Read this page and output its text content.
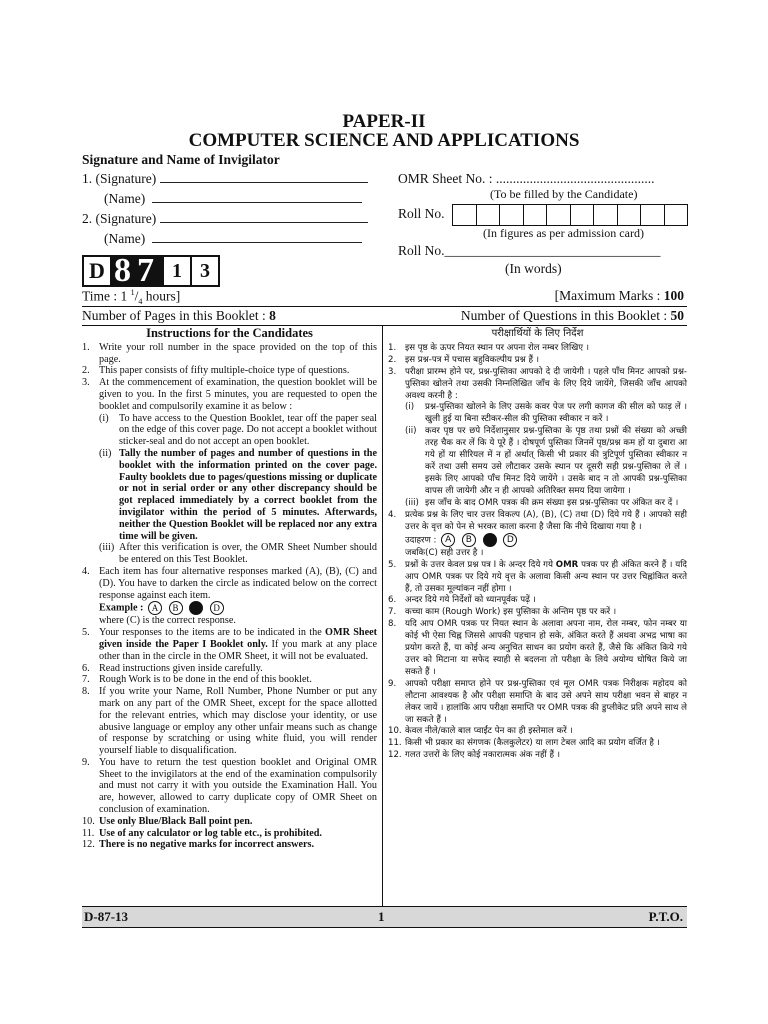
PAPER-II
COMPUTER SCIENCE AND APPLICATIONS
Signature and Name of Invigilator
1. (Signature)
(Name)
2. (Signature)
(Name)
OMR Sheet No. : ...............................................
(To be filled by the Candidate)
Roll No.
(In figures as per admission card)
Roll No.________________________________
(In words)
D 8 7 1 3
Time : 1 $^1/_4$ hours]	[Maximum Marks : 100
Number of Pages in this Booklet : 8	Number of Questions in this Booklet : 50

Instructions for the Candidates

1. Write your roll number in the space provided on the top of this page.
2. This paper consists of fifty multiple-choice type of questions.
3. At the commencement of examination, the question booklet will be given to you. In the first 5 minutes, you are requested to open the booklet and compulsorily examine it as below :
(i)	To have access to the Question Booklet, tear off the paper seal on the edge of this cover page. Do not accept a booklet without sticker-seal and do not accept an open booklet.
(ii) Tally the number of pages and number of questions in the booklet with the information printed on the cover page. Faulty booklets due to pages/questions missing or duplicate or not in serial order or any other discrepancy should be got replaced immediately by a correct booklet from the invigilator within the period of 5 minutes. Afterwards, neither the Question Booklet will be replaced nor any extra time will be given.
(iii) After this verification is over, the OMR Sheet Number should be entered on this Test Booklet.
4. Each item has four alternative responses marked (A), (B), (C) and (D). You have to darken the circle as indicated below on the correct response against each item.
Example : A B	D
where (C) is the correct response.
5. Your responses to the items are to be indicated in the OMR Sheet given inside the Paper I Booklet only. If you mark at any place other than in the circle in the OMR Sheet, it will not be evaluated.
6. Read instructions given inside carefully.
7. Rough Work is to be done in the end of this booklet.
8. If you write your Name, Roll Number, Phone Number or put any mark on any part of the OMR Sheet, except for the space allotted for the relevant entries, which may disclose your identity, or use abusive language or employ any other unfair means such as change of response by scratching or using white fluid, you will render yourself liable to disqualification.
9. You have to return the test question booklet and Original OMR Sheet to the invigilators at the end of the examination compulsorily and must not carry it with you outside the Examination Hall. You are, however, allowed to carry duplicate copy of OMR Sheet on conclusion of examination.
10. Use only Blue/Black Ball point pen.
11. Use of any calculator or log table etc., is prohibited.
12. There is no negative marks for incorrect answers.

परीक्षार्थियों के लिए निर्देश

1.	इस पृष्ठ के ऊपर नियत स्थान पर अपना रोल नम्बर लिखिए ।
2.	इस प्रश्न-पत्र में पचास बहुविकल्पीय प्रश्न हैं ।
3.	परीक्षा प्रारम्भ होने पर, प्रश्न-पुस्तिका आपको दे दी जायेगी । पहले पाँच मिनट आपको प्रश्न-पुस्तिका खोलने तथा उसकी निम्नलिखित जाँच के लिए दिये जायेंगे, जिसकी जाँच आपको अवश्य करनी है :
(i)	प्रश्न-पुस्तिका खोलने के लिए उसके कवर पेज पर लगी कागज की सील को फाड़ लें । खुली हुई या बिना स्टीकर-सील की पुस्तिका स्वीकार न करें ।
(ii) कवर पृष्ठ पर छपे निर्देशानुसार प्रश्न-पुस्तिका के पृष्ठ तथा प्रश्नों की संख्या को अच्छी तरह चैक कर लें कि ये पूरे हैं । दोषपूर्ण पुस्तिका जिनमें पृष्ठ/प्रश्न कम हों या दुबारा आ गये हों या सीरियल में न हों अर्थात् किसी भी प्रकार की त्रुटिपूर्ण पुस्तिका स्वीकार न करें तथा उसी समय उसे लौटाकर उसके स्थान पर दूसरी सही प्रश्न-पुस्तिका ले लें । इसके लिए आपको पाँच मिनट दिये जायेंगे । उसके बाद न तो आपकी प्रश्न-पुस्तिका वापस ली जायेगी और न ही आपको अतिरिक्त समय दिया जायेगा ।
(iii) इस जाँच के बाद OMR पत्रक की क्रम संख्या इस प्रश्न-पुस्तिका पर अंकित कर दें ।
4.	प्रत्येक प्रश्न के लिए चार उत्तर विकल्प (A), (B), (C) तथा (D) दिये गये हैं । आपको सही उत्तर के वृत्त को पेन से भरकर काला करना है जैसा कि नीचे दिखाया गया है ।
उदाहरण : A B	D
जबकि(C) सही उत्तर है ।
5.	प्रश्नों के उत्तर केवल प्रश्न पत्र I के अन्दर दिये गये OMR पत्रक पर ही अंकित करने हैं । यदि आप OMR पत्रक पर दिये गये वृत्त के अलावा किसी अन्य स्थान पर उत्तर चिह्नांकित करते हैं, तो उसका मूल्यांकन नहीं होगा ।
6.	अन्दर दिये गये निर्देशों को ध्यानपूर्वक पढ़ें ।
7.	कच्चा काम (Rough Work) इस पुस्तिका के अन्तिम पृष्ठ पर करें ।
8.	यदि आप OMR पत्रक पर नियत स्थान के अलावा अपना नाम, रोल नम्बर, फोन नम्बर या कोई भी ऐसा चिह्न जिससे आपकी पहचान हो सके, अंकित करते हैं अथवा अभद्र भाषा का प्रयोग करते हैं, या कोई अन्य अनुचित साधन का प्रयोग करते हैं, जैसे कि अंकित किये गये उत्तर को मिटाना या सफेद स्याही से बदलना तो परीक्षा के लिये अयोग्य घोषित किये जा सकते हैं ।
9.	आपको परीक्षा समाप्त होने पर प्रश्न-पुस्तिका एवं मूल OMR पत्रक निरीक्षक महोदय को लौटाना आवश्यक है और परीक्षा समाप्ति के बाद उसे अपने साथ परीक्षा भवन से बाहर न लेकर जायें । हालांकि आप परीक्षा समाप्ति पर OMR पत्रक की डुप्लीकेट प्रति अपने साथ ले जा सकते हैं ।
10. केवल नीले/काले बाल प्वाईंट पेन का ही इस्तेमाल करें ।
11. किसी भी प्रकार का संगणक (कैलकुलेटर) या लाग टेबल आदि का प्रयोग वर्जित है ।
12. गलत उत्तरों के लिए कोई नकारात्मक अंक नहीं हैं ।
D-87-13	1	P.T.O.
